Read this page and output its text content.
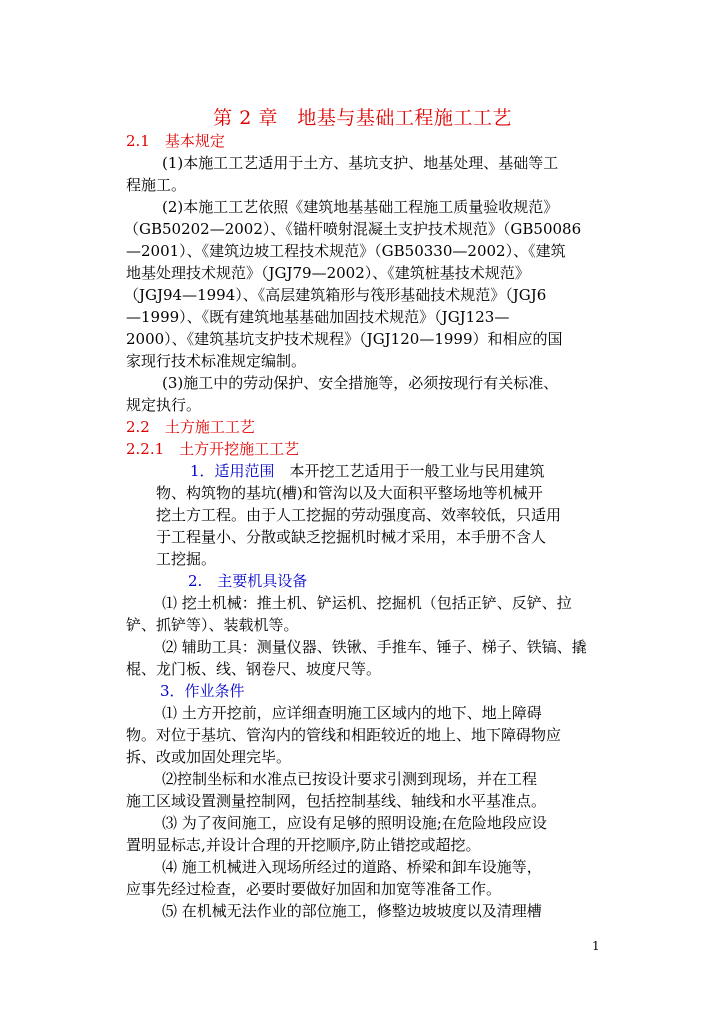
第 2 章　地基与基础工程施工工艺
2.1　基本规定
(1)本施工工艺适用于土方、基坑支护、地基处理、基础等工
程施工。
(2)本施工工艺依照《建筑地基基础工程施工质量验收规范》
（GB50202—2002）、《锚杆喷射混凝土支护技术规范》（GB50086
—2001）、《建筑边坡工程技术规范》（GB50330—2002）、《建筑
地基处理技术规范》（JGJ79—2002）、《建筑桩基技术规范》
（JGJ94—1994）、《高层建筑箱形与筏形基础技术规范》（JGJ6
—1999）、《既有建筑地基基础加固技术规范》（JGJ123—
2000）、《建筑基坑支护技术规程》（JGJ120—1999）和相应的国
家现行技术标准规定编制。
(3)施工中的劳动保护、安全措施等，必须按现行有关标准、
规定执行。
2.2　土方施工工艺
2.2.1　土方开挖施工工艺
1．适用范围　本开挖工艺适用于一般工业与民用建筑
物、构筑物的基坑(槽)和管沟以及大面积平整场地等机械开
挖土方工程。由于人工挖掘的劳动强度高、效率较低，只适用
于工程量小、分散或缺乏挖掘机时械才采用，本手册不含人
工挖掘。
2.　主要机具设备
⑴ 挖土机械：推土机、铲运机、挖掘机（包括正铲、反铲、拉
铲、抓铲等）、装载机等。
⑵ 辅助工具：测量仪器、铁锹、手推车、锤子、梯子、铁镐、撬
棍、龙门板、线、钢卷尺、坡度尺等。
3．作业条件
⑴ 土方开挖前，应详细查明施工区域内的地下、地上障碍
物。对位于基坑、管沟内的管线和相距较近的地上、地下障碍物应
拆、改或加固处理完毕。
⑵控制坐标和水准点已按设计要求引测到现场，并在工程
施工区域设置测量控制网，包括控制基线、轴线和水平基准点。
⑶ 为了夜间施工，应设有足够的照明设施;在危险地段应设
置明显标志,并设计合理的开挖顺序,防止错挖或超挖。
⑷ 施工机械进入现场所经过的道路、桥梁和卸车设施等，
应事先经过检查，必要时要做好加固和加宽等准备工作。
⑸ 在机械无法作业的部位施工，修整边坡坡度以及清理槽
1
